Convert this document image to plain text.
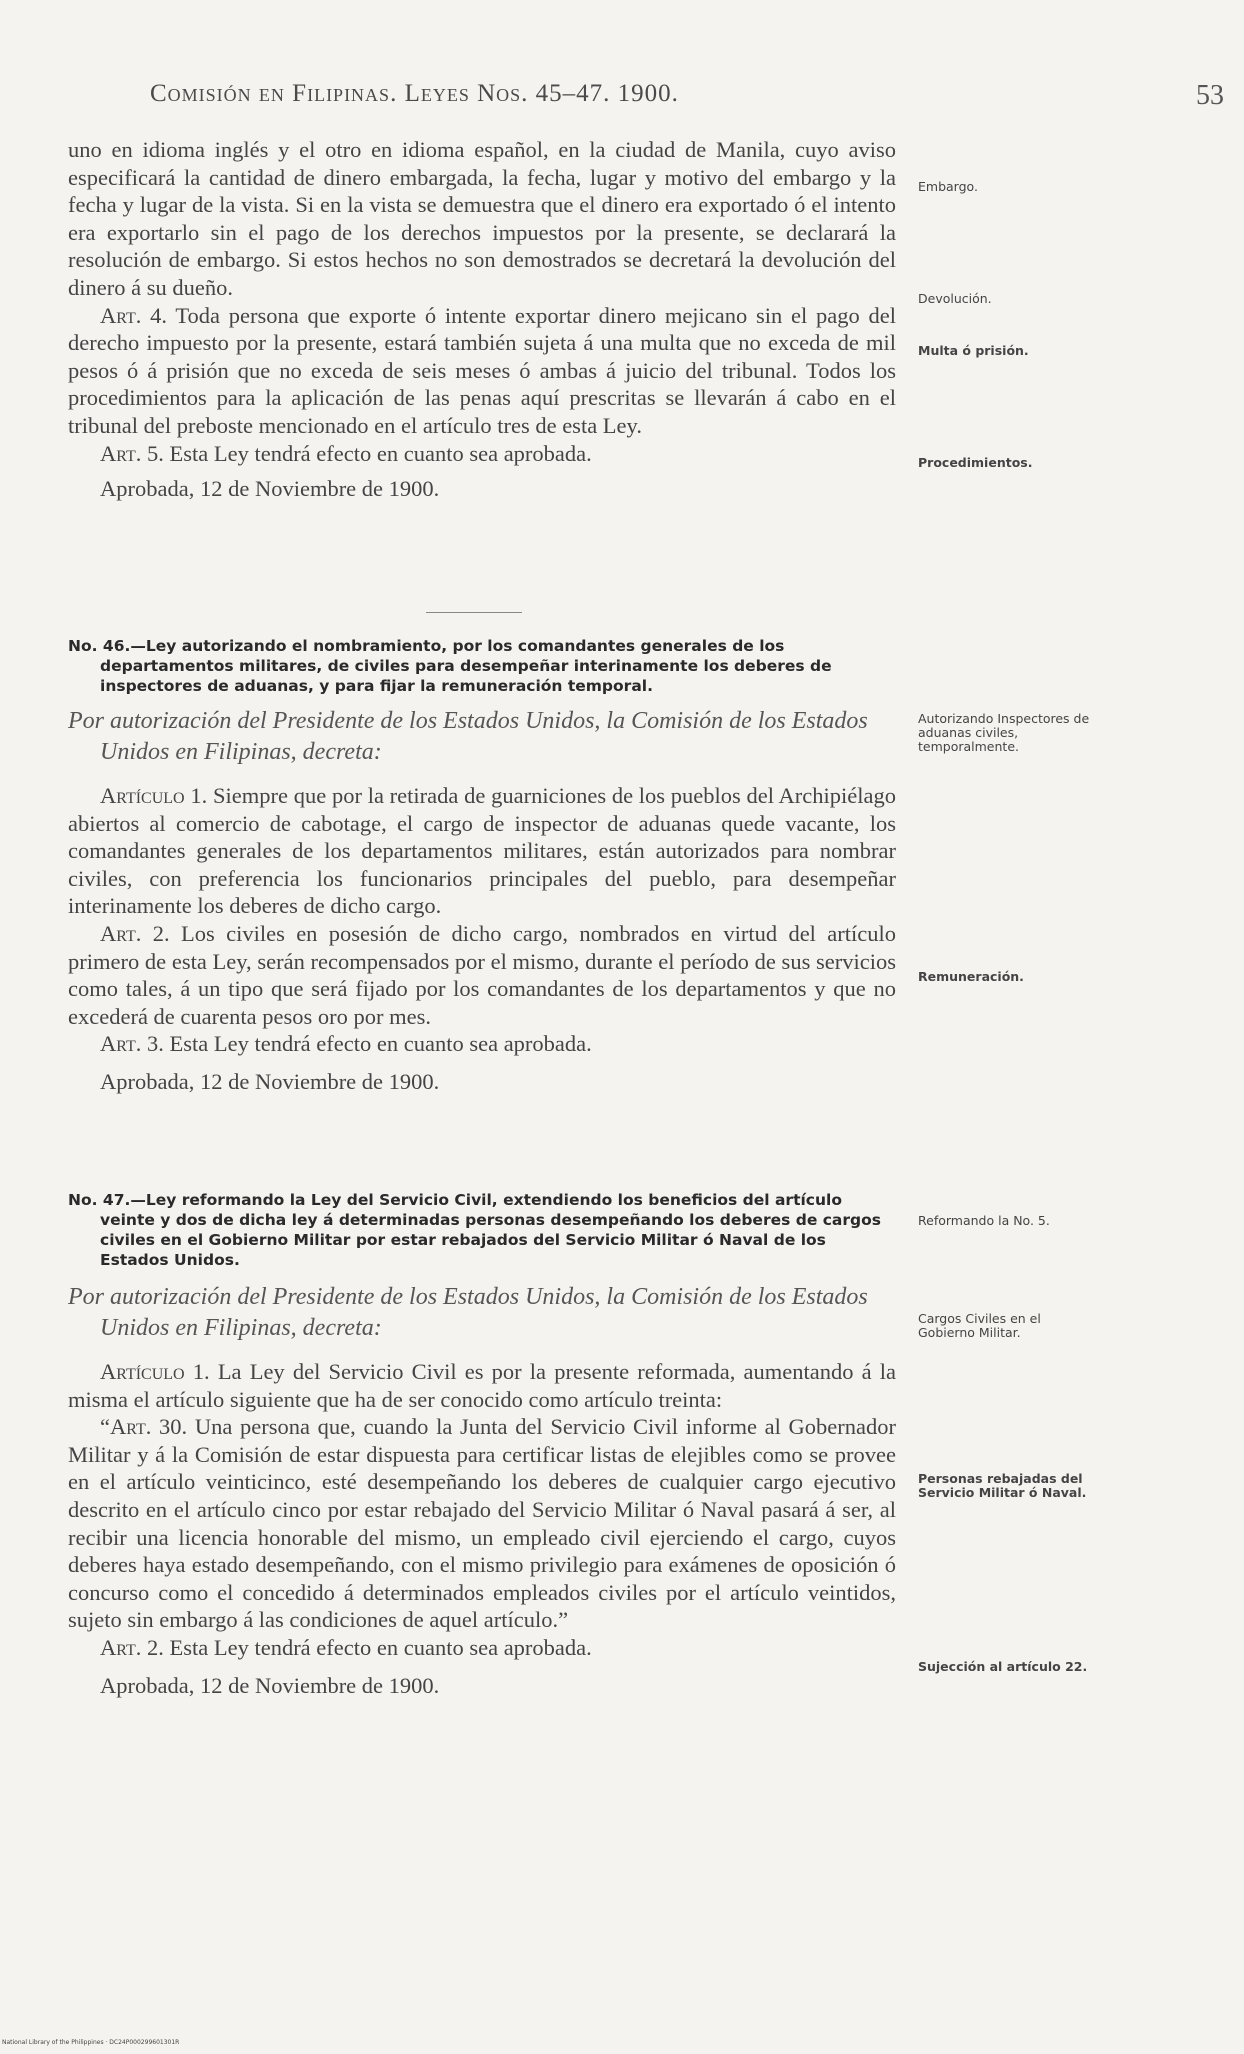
Comisión en Filipinas. Leyes Nos. 45–47. 1900.	53

uno en idioma inglés y el otro en idioma español, en la ciudad de Manila, cuyo aviso especificará la cantidad de dinero embargada, la fecha, lugar y motivo del embargo y la fecha y lugar de la vista. Si en la vista se demuestra que el dinero era exportado ó el intento era exportarlo sin el pago de los derechos impuestos por la presente, se declarará la resolución de embargo. Si estos hechos no son demostrados se decretará la devolución del dinero á su dueño.

Art. 4. Toda persona que exporte ó intente exportar dinero mejicano sin el pago del derecho impuesto por la presente, estará también sujeta á una multa que no exceda de mil pesos ó á prisión que no exceda de seis meses ó ambas á juicio del tribunal. Todos los procedimientos para la aplicación de las penas aquí prescritas se llevarán á cabo en el tribunal del preboste mencionado en el artículo tres de esta Ley.

Art. 5. Esta Ley tendrá efecto en cuanto sea aprobada.

Aprobada, 12 de Noviembre de 1900.

No. 46.—Ley autorizando el nombramiento, por los comandantes generales de los departamentos militares, de civiles para desempeñar interinamente los deberes de inspectores de aduanas, y para fijar la remuneración temporal.

Por autorización del Presidente de los Estados Unidos, la Comisión de los Estados Unidos en Filipinas, decreta:

Artículo 1. Siempre que por la retirada de guarniciones de los pueblos del Archipiélago abiertos al comercio de cabotage, el cargo de inspector de aduanas quede vacante, los comandantes generales de los departamentos militares, están autorizados para nombrar civiles, con preferencia los funcionarios principales del pueblo, para desempeñar interinamente los deberes de dicho cargo.

Art. 2. Los civiles en posesión de dicho cargo, nombrados en virtud del artículo primero de esta Ley, serán recompensados por el mismo, durante el período de sus servicios como tales, á un tipo que será fijado por los comandantes de los departamentos y que no excederá de cuarenta pesos oro por mes.

Art. 3. Esta Ley tendrá efecto en cuanto sea aprobada.

Aprobada, 12 de Noviembre de 1900.

No. 47.—Ley reformando la Ley del Servicio Civil, extendiendo los beneficios del artículo veinte y dos de dicha ley á determinadas personas desempeñando los deberes de cargos civiles en el Gobierno Militar por estar rebajados del Servicio Militar ó Naval de los Estados Unidos.

Por autorización del Presidente de los Estados Unidos, la Comisión de los Estados Unidos en Filipinas, decreta:

Artículo 1. La Ley del Servicio Civil es por la presente reformada, aumentando á la misma el artículo siguiente que ha de ser conocido como artículo treinta:

“Art. 30. Una persona que, cuando la Junta del Servicio Civil informe al Gobernador Militar y á la Comisión de estar dispuesta para certificar listas de elejibles como se provee en el artículo veinticinco, esté desempeñando los deberes de cualquier cargo ejecutivo descrito en el artículo cinco por estar rebajado del Servicio Militar ó Naval pasará á ser, al recibir una licencia honorable del mismo, un empleado civil ejerciendo el cargo, cuyos deberes haya estado desempeñando, con el mismo privilegio para exámenes de oposición ó concurso como el concedido á determinados empleados civiles por el artículo veintidos, sujeto sin embargo á las condiciones de aquel artículo.”

Art. 2. Esta Ley tendrá efecto en cuanto sea aprobada.

Aprobada, 12 de Noviembre de 1900.

Embargo.
Devolución.
Multa ó prisión.
Procedimientos.
Autorizando Inspectores de aduanas civiles, temporalmente.
Remuneración.
Reformando la No. 5.
Cargos Civiles en el Gobierno Militar.
Personas rebajadas del Servicio Militar ó Naval.
Sujección al artículo 22.
National Library of the Philippines · DC24P000299601301R
